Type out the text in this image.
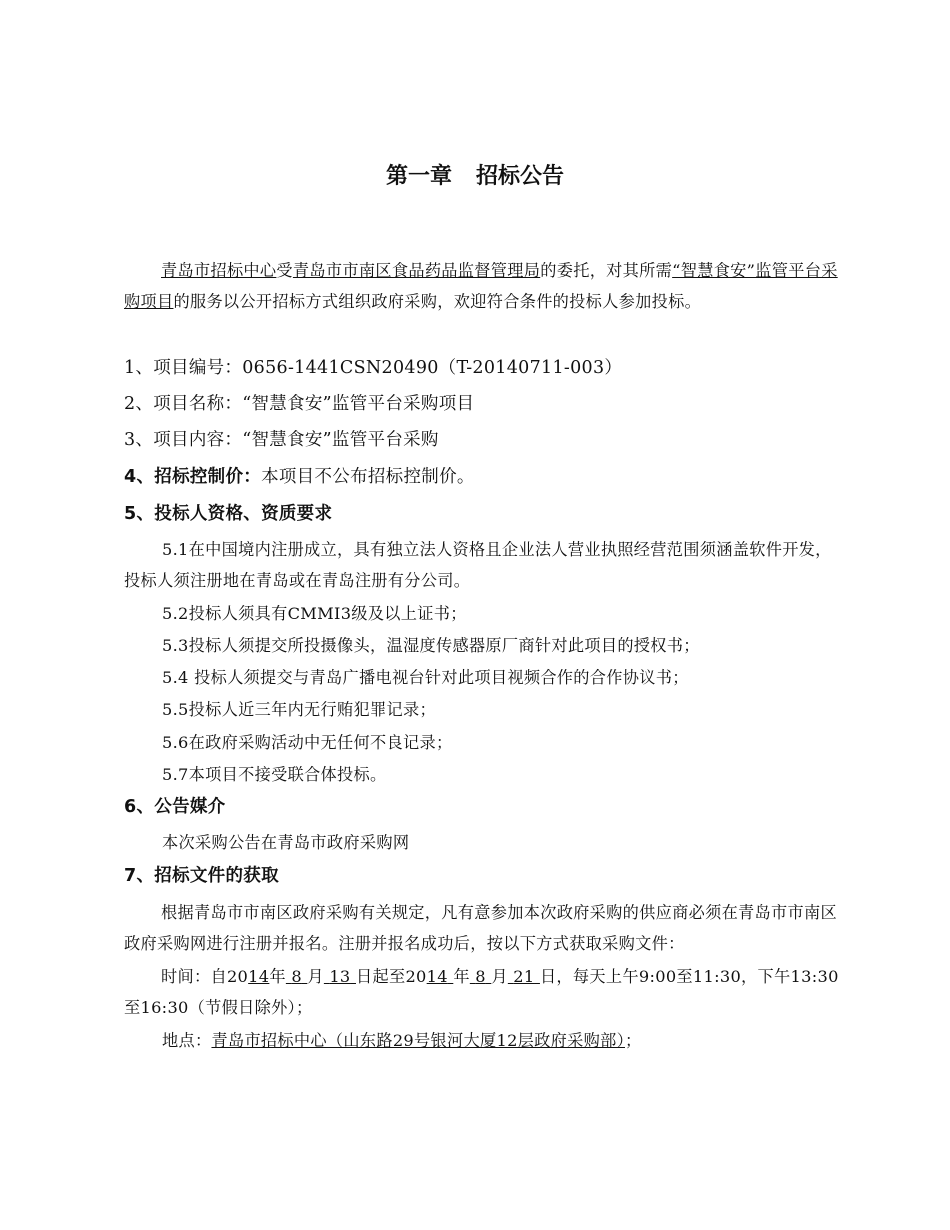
第一章 招标公告
青岛市招标中心受青岛市市南区食品药品监督管理局的委托，对其所需“智慧食安”监管平台采购项目的服务以公开招标方式组织政府采购，欢迎符合条件的投标人参加投标。
1、项目编号：0656-1441CSN20490（T-20140711-003）
2、项目名称：“智慧食安”监管平台采购项目
3、项目内容：“智慧食安”监管平台采购
4、招标控制价：本项目不公布招标控制价。
5、投标人资格、资质要求
5.1在中国境内注册成立，具有独立法人资格且企业法人营业执照经营范围须涵盖软件开发，投标人须注册地在青岛或在青岛注册有分公司。
5.2投标人须具有CMMI3级及以上证书；
5.3投标人须提交所投摄像头，温湿度传感器原厂商针对此项目的授权书；
5.4 投标人须提交与青岛广播电视台针对此项目视频合作的合作协议书；
5.5投标人近三年内无行贿犯罪记录；
5.6在政府采购活动中无任何不良记录；
5.7本项目不接受联合体投标。
6、公告媒介
本次采购公告在青岛市政府采购网
7、招标文件的获取
根据青岛市市南区政府采购有关规定，凡有意参加本次政府采购的供应商必须在青岛市市南区政府采购网进行注册并报名。注册并报名成功后，按以下方式获取采购文件：
时间：自2014年 8 月 13 日起至2014 年 8 月 21 日，每天上午9:00至11:30，下午13:30至16:30（节假日除外）；
地点：青岛市招标中心（山东路29号银河大厦12层政府采购部）；
